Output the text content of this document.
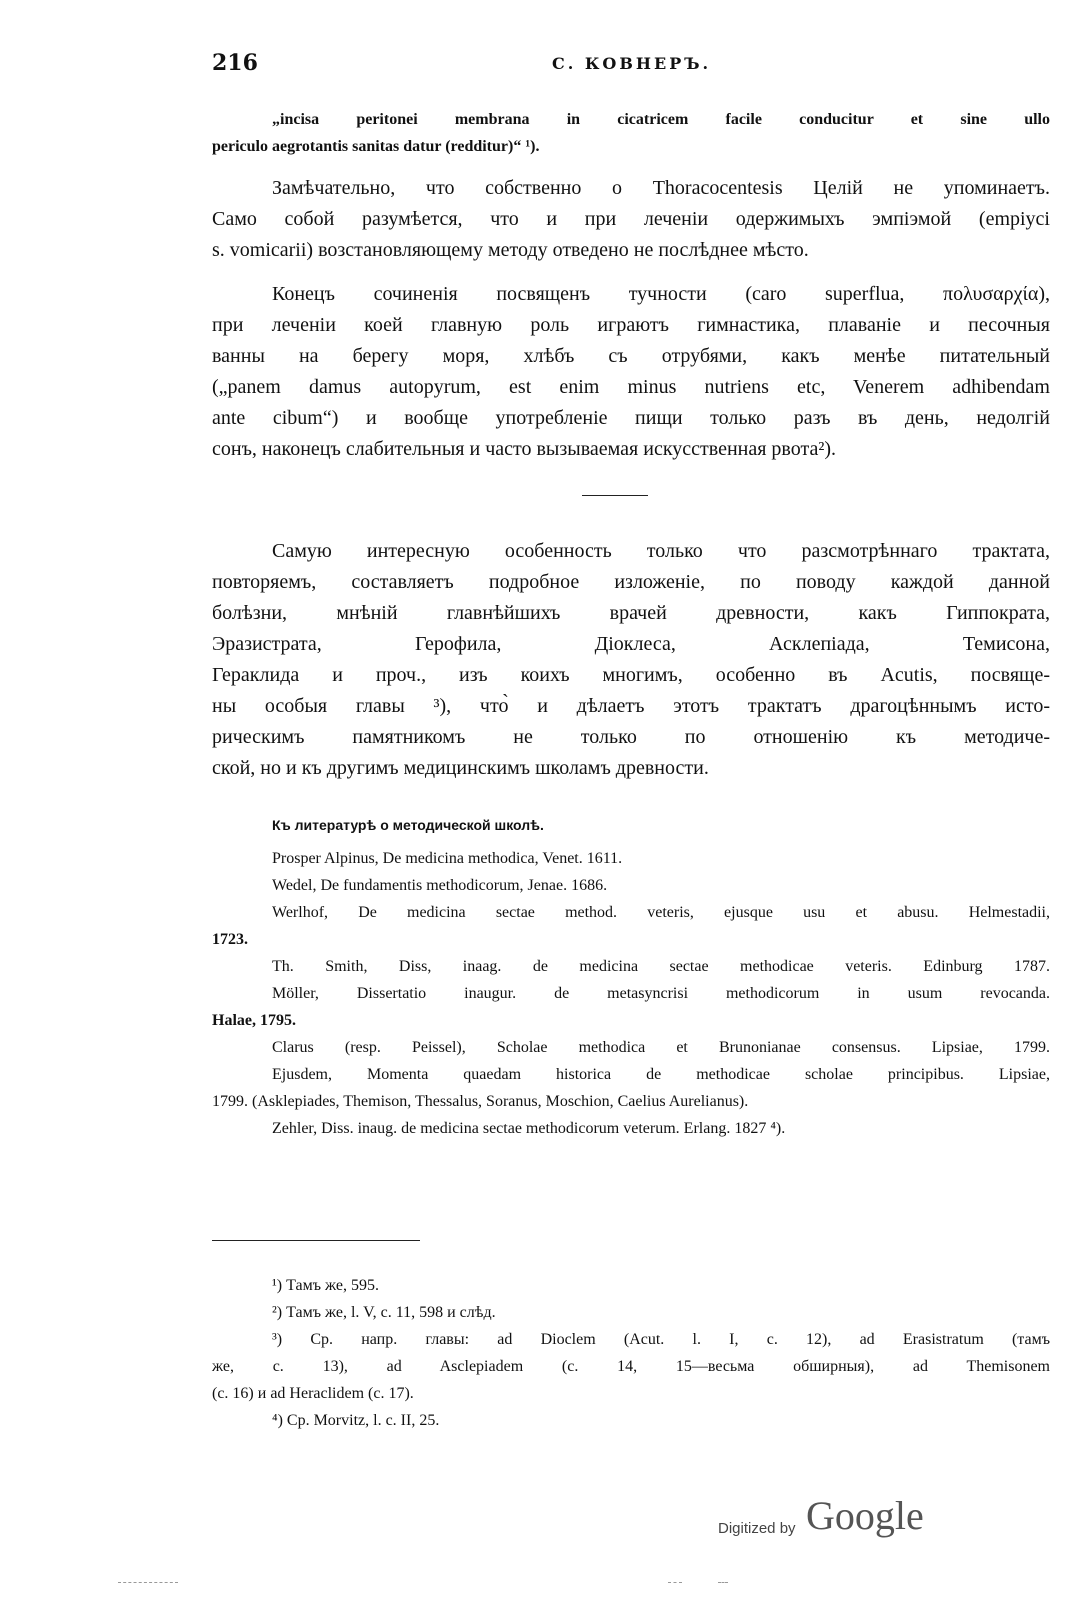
216	С. КОВНЕРЪ.
„incisa peritonei membrana in cicatricem facile conducitur et sine ullo
periculo aegrotantis sanitas datur (redditur)“ ¹).
Замѣчательно, что собственно о Thoracocentesis Целій не упоминаетъ.
Само собой разумѣется, что и при леченіи одержимыхъ эмпіэмой (empiyci
s. vomicarii) возстановляющему методу отведено не послѣднее мѣсто.
Конецъ сочиненія посвященъ тучности (caro superflua, πολυσαρχία),
при леченіи коей главную роль играютъ гимнастика, плаваніе и песочныя
ванны на берегу моря, хлѣбъ съ отрубями, какъ менѣе питательный
(„panem damus autopyrum, est enim minus nutriens etc, Venerem adhibendam
ante cibum“) и вообще употребленіе пищи только разъ въ день, недолгій
сонъ, наконецъ слабительныя и часто вызываемая искусственная рвота²).
Самую интересную особенность только что разсмотрѣннаго трактата,
повторяемъ, составляетъ подробное изложеніе, по поводу каждой данной
болѣзни, мнѣній главнѣйшихъ врачей древности, какъ Гиппократа,
Эразистрата, Герофила, Діоклеса, Асклепіада, Темисона,
Гераклида и проч., изъ коихъ многимъ, особенно въ Acutis, посвяще-
ны особыя главы ³), что̀ и дѣлаетъ этотъ трактатъ драгоцѣннымъ исто-
рическимъ памятникомъ не только по отношенію къ методиче-
ской, но и къ другимъ медицинскимъ школамъ древности.
Къ литературѣ о методической школѣ.
Prosper Alpinus, De medicina methodica, Venet. 1611.
Wedel, De fundamentis methodicorum, Jenae. 1686.
Werlhof, De medicina sectae method. veteris, ejusque usu et abusu. Helmestadii,
1723.
Th. Smith, Diss, inaag. de medicina sectae methodicae veteris. Edinburg 1787.
Möller, Dissertatio inaugur. de metasyncrisi methodicorum in usum revocanda.
Halae, 1795.
Clarus (resp. Peissel), Scholae methodica et Brunonianae consensus. Lipsiae, 1799.
Ejusdem, Momenta quaedam historica de methodicae scholae principibus. Lipsiae,
1799. (Asklepiades, Themison, Thessalus, Soranus, Moschion, Caelius Aurelianus).
Zehler, Diss. inaug. de medicina sectae methodicorum veterum. Erlang. 1827 ⁴).
¹) Тамъ же, 595.
²) Тамъ же, l. V, c. 11, 598 и слѣд.
³) Ср. напр. главы: ad Dioclem (Acut. l. I, c. 12), ad Erasistratum (тамъ
же, c. 13), ad Asclepiadem (c. 14, 15—весьма обширныя), ad Themisonem
(c. 16) и ad Heraclidem (c. 17).
⁴) Ср. Morvitz, l. c. II, 25.
Digitized by Google
